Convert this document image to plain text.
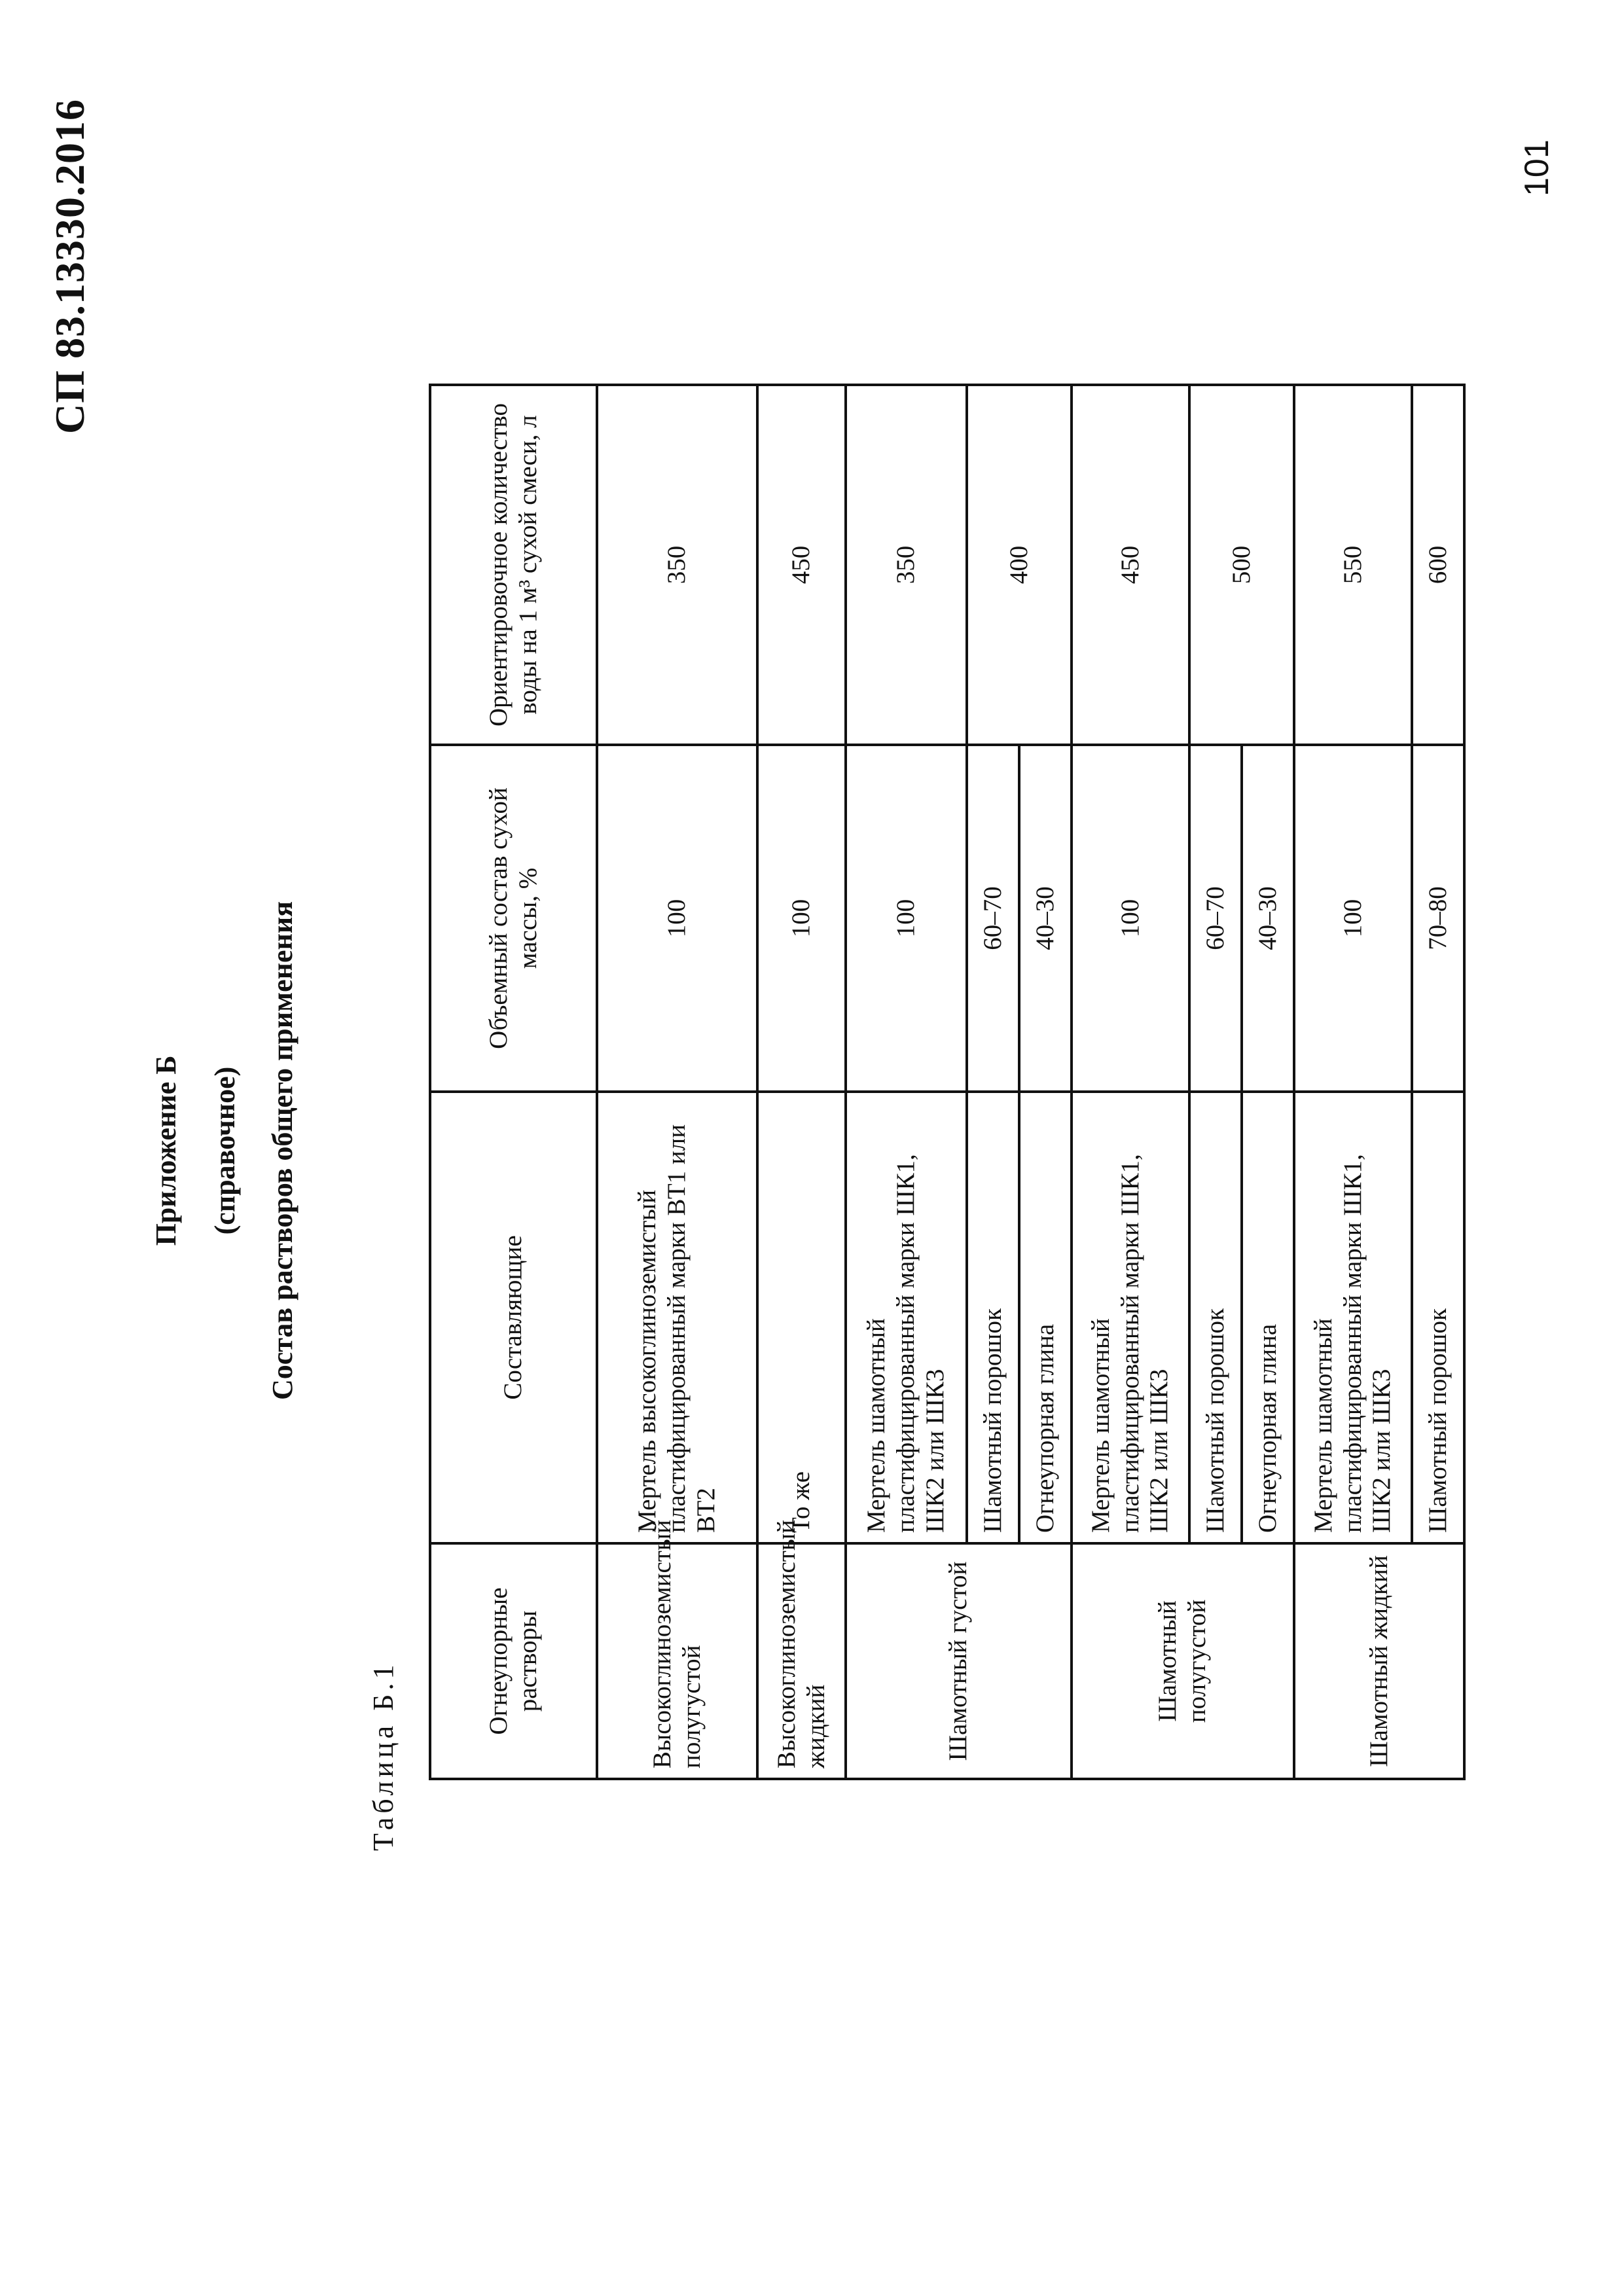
СП 83.13330.2016	101
Приложение Б (справочное) Состав растворов общего применения
Таблица Б.1	Огнеупорные растворы	Составляющие	Объемный состав сухой массы, %	Ориентировочное количество воды на 1 м³ сухой смеси, л
Высокоглиноземистый полугустой	Мертель высокоглиноземистый пластифицированный марки ВТ1 или ВТ2	100	350
Высокоглиноземистый жидкий	То же	100	450
Шамотный густой	Мертель шамотный пластифицированный марки ШК1, ШК2 или ШК3	100	350
	Шамотный порошок	60–70	400
	Огнеупорная глина	40–30	
Шамотный полугустой	Мертель шамотный пластифицированный марки ШК1, ШК2 или ШК3	100	450
	Шамотный порошок	60–70	500
	Огнеупорная глина	40–30	
Шамотный жидкий	Мертель шамотный пластифицированный марки ШК1, ШК2 или ШК3	100	550
	Шамотный порошок	70–80	600
